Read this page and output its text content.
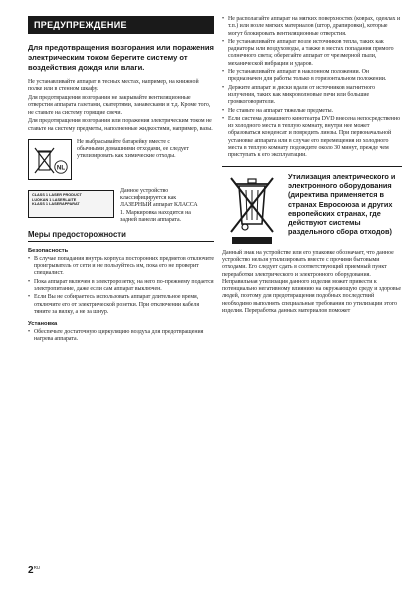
ПРЕДУПРЕЖДЕНИЕ
Для предотвращения возгорания или поражения электрическим током берегите систему от воздействия дождя или влаги.

Не устанавливайте аппарат в тесных местах, например, на книжной полке или в стенном шкафу.

Для предотвращения возгорания не закрывайте вентиляционные отверстия аппарата газетами, скатертями, занавесками и т.д. Кроме того, не ставьте на систему горящие свечи.

Для предотвращения возгорания или поражения электрическим током не ставьте на систему предметы, наполненные жидкостями, например, вазы.

NL
Не выбрасывайте батарейку вместе с обычными домашними отходами, ее следует утилизировать как химические отходы.
CLASS 1 LASER PRODUCT
LUOKAN 1 LASERLAITE
KLASS 1 LASERAPPARAT
Данное устройство классифицируется как ЛАЗЕРНЫЙ аппарат КЛАССА 1. Маркировка находится на задней панели аппарата.
Меры предосторожности
Безопасность
• В случае попадания внутрь корпуса посторонних предметов отключите проигрыватель от сети и не пользуйтесь им, пока его не проверит специалист.
• Пока аппарат включен в электророзетку, на него по-прежнему подается электропитание, даже если сам аппарат выключен.
• Если Вы не собираетесь использовать аппарат длительное время, отключите его от электрической розетки. При отключении кабеля тяните за вилку, а не за шнур.
Установка
• Обеспечьте достаточную циркуляцию воздуха для предотвращения нагрева аппарата.
• Не располагайте аппарат на мягких поверхностях (коврах, одеялах и т.п.) или возле мягких материалов (штор, драпировки), которые могут блокировать вентиляционные отверстия.
• Не устанавливайте аппарат возле источников тепла, таких как радиаторы или воздуховоды, а также в местах попадания прямого солнечного света; оберегайте аппарат от чрезмерной пыли, механической вибрации и ударов.
• Не устанавливайте аппарат в наклонном положении. Он предназначен для работы только в горизонтальном положении.
• Держите аппарат и диски вдали от источников магнитного излучения, таких как микроволновые печи или большие громкоговорители.
• Не ставьте на аппарат тяжелые предметы.
• Если система домашнего кинотеатра DVD внесена непосредственно из холодного места в теплую комнату, внутри нее может образоваться конденсат и повредить линзы. При первоначальной установке аппарата или в случае его перемещения из холодного места в теплую комнату подождите около 30 минут, прежде чем приступать к его эксплуатации.
Утилизация электрического и электронного оборудования (директива применяется в странах Евросоюза и других европейских странах, где действуют системы раздельного сбора отходов)
Данный знак на устройстве или его упаковке обозначает, что данное устройство нельзя утилизировать вместе с прочими бытовыми отходами. Его следует сдать в соответствующий приемный пункт переработки электрического и электронного оборудования. Неправильная утилизация данного изделия может привести к потенциально негативному влиянию на окружающую среду и здоровье людей, поэтому для предотвращения подобных последствий необходимо выполнять специальные требования по утилизации этого изделия. Переработка данных материалов поможет
$2^{RU}$
